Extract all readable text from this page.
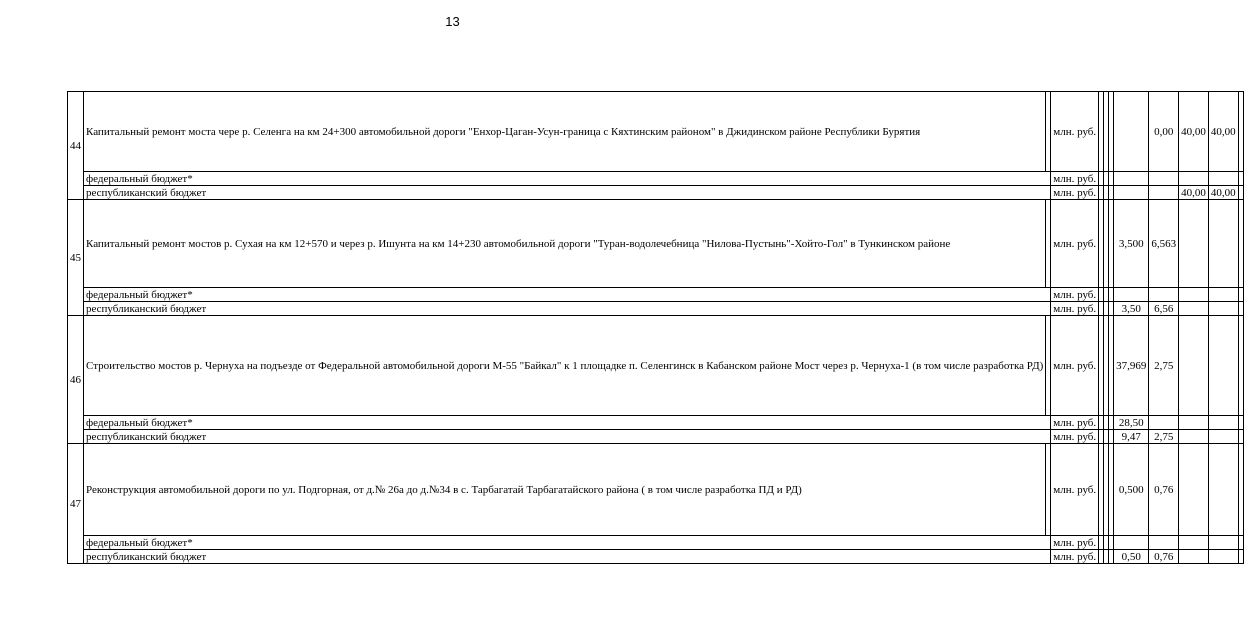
13
44	Капитальный ремонт моста чере р. Селенга на км 24+300 автомобильной дороги "Енхор-Цаган-Усун-граница с Кяхтинским районом" в Джидинском районе Республики Бурятия		млн. руб.					0,00	40,00	40,00	
	федеральный бюджет*		млн. руб.								
	республиканский бюджет		млн. руб.						40,00	40,00	
45	Капитальный ремонт мостов р. Сухая на км 12+570 и через р. Ишунта на км 14+230 автомобильной дороги "Туран-водолечебница "Нилова-Пустынь"-Хойто-Гол" в Тункинском районе		млн. руб.				3,500	6,563			
	федеральный бюджет*		млн. руб.								
	республиканский бюджет		млн. руб.				3,50	6,56			
46	Строительство мостов р. Чернуха на подъезде от Федеральной автомобильной дороги М-55 "Байкал" к 1 площадке п. Селенгинск в Кабанском районе Мост через р. Чернуха-1 (в том числе разработка РД)		млн. руб.				37,969	2,75			
	федеральный бюджет*		млн. руб.				28,50				
	республиканский бюджет		млн. руб.				9,47	2,75			
47	Реконструкция автомобильной дороги по ул. Подгорная, от д.№ 26а до д.№34 в с. Тарбагатай Тарбагатайского района ( в том числе разработка ПД и РД)		млн. руб.				0,500	0,76			
	федеральный бюджет*		млн. руб.								
	республиканский бюджет		млн. руб.				0,50	0,76			
